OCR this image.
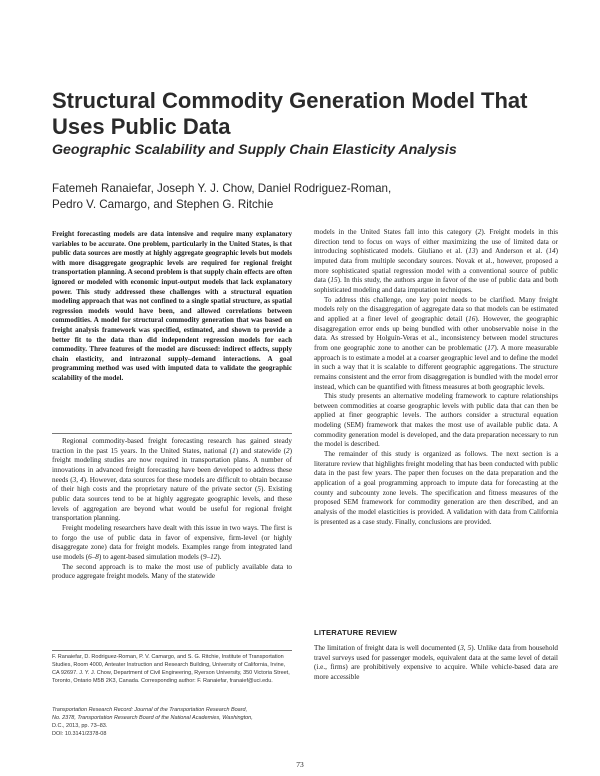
Structural Commodity Generation Model That Uses Public Data
Geographic Scalability and Supply Chain Elasticity Analysis
Fatemeh Ranaiefar, Joseph Y. J. Chow, Daniel Rodriguez-Roman,
Pedro V. Camargo, and Stephen G. Ritchie

Freight forecasting models are data intensive and require many explanatory variables to be accurate. One problem, particularly in the United States, is that public data sources are mostly at highly aggregate geographic levels but models with more disaggregate geographic levels are required for regional freight transportation planning. A second problem is that supply chain effects are often ignored or modeled with economic input-output models that lack explanatory power. This study addressed these challenges with a structural equation modeling approach that was not confined to a single spatial structure, as spatial regression models would have been, and allowed correlations between commodities. A model for structural commodity generation that was based on freight analysis framework was specified, estimated, and shown to provide a better fit to the data than did independent regression models for each commodity. Three features of the model are discussed: indirect effects, supply chain elasticity, and intrazonal supply–demand interactions. A goal programming method was used with imputed data to validate the geographic scalability of the model.

Regional commodity-based freight forecasting research has gained steady traction in the past 15 years. In the United States, national (1) and statewide (2) freight modeling studies are now required in transportation plans. A number of innovations in advanced freight forecasting have been developed to address these needs (3, 4). However, data sources for these models are difficult to obtain because of their high costs and the proprietary nature of the private sector (5). Existing public data sources tend to be at highly aggregate geographic levels, and these levels of aggregation are beyond what would be useful for regional freight transportation planning.

Freight modeling researchers have dealt with this issue in two ways. The first is to forgo the use of public data in favor of expensive, firm-level (or highly disaggregate zone) data for freight models. Examples range from integrated land use models (6–8) to agent-based simulation models (9–12).

The second approach is to make the most use of publicly available data to produce aggregate freight models. Many of the statewide

F. Ranaiefar, D. Rodriguez-Roman, P. V. Camargo, and S. G. Ritchie, Institute of Transportation Studies, Room 4000, Anteater Instruction and Research Building, University of California, Irvine, CA 92697. J. Y. J. Chow, Department of Civil Engineering, Ryerson University, 350 Victoria Street, Toronto, Ontario M5B 2K3, Canada. Corresponding author: F. Ranaiefar, franaief@uci.edu.

Transportation Research Record: Journal of the Transportation Research Board,
No. 2378, Transportation Research Board of the National Academies, Washington,
D.C., 2013, pp. 73–83.
DOI: 10.3141/2378-08

models in the United States fall into this category (2). Freight models in this direction tend to focus on ways of either maximizing the use of limited data or introducing sophisticated models. Giuliano et al. (13) and Anderson et al. (14) imputed data from multiple secondary sources. Novak et al., however, proposed a more sophisticated spatial regression model with a conventional source of public data (15). In this study, the authors argue in favor of the use of public data and both sophisticated modeling and data imputation techniques.

To address this challenge, one key point needs to be clarified. Many freight models rely on the disaggregation of aggregate data so that models can be estimated and applied at a finer level of geographic detail (16). However, the geographic disaggregation error ends up being bundled with other unobservable noise in the data. As stressed by Holguín-Veras et al., inconsistency between model structures from one geographic zone to another can be problematic (17). A more measurable approach is to estimate a model at a coarser geographic level and to define the model in such a way that it is scalable to different geographic aggregations. The structure remains consistent and the error from disaggregation is bundled with the model error instead, which can be quantified with fitness measures at both geographic levels.

This study presents an alternative modeling framework to capture relationships between commodities at coarse geographic levels with public data that can then be applied at finer geographic levels. The authors consider a structural equation modeling (SEM) framework that makes the most use of available public data. A commodity generation model is developed, and the data preparation necessary to run the model is described.

The remainder of this study is organized as follows. The next section is a literature review that highlights freight modeling that has been conducted with public data in the past few years. The paper then focuses on the data preparation and the application of a goal programming approach to impute data for forecasting at the county and subcounty zone levels. The specification and fitness measures of the proposed SEM framework for commodity generation are then described, and an analysis of the model elasticities is provided. A validation with data from California is presented as a case study. Finally, conclusions are provided.

LITERATURE REVIEW

The limitation of freight data is well documented (3, 5). Unlike data from household travel surveys used for passenger models, equivalent data at the same level of detail (i.e., firms) are prohibitively expensive to acquire. While vehicle-based data are more accessible

73
